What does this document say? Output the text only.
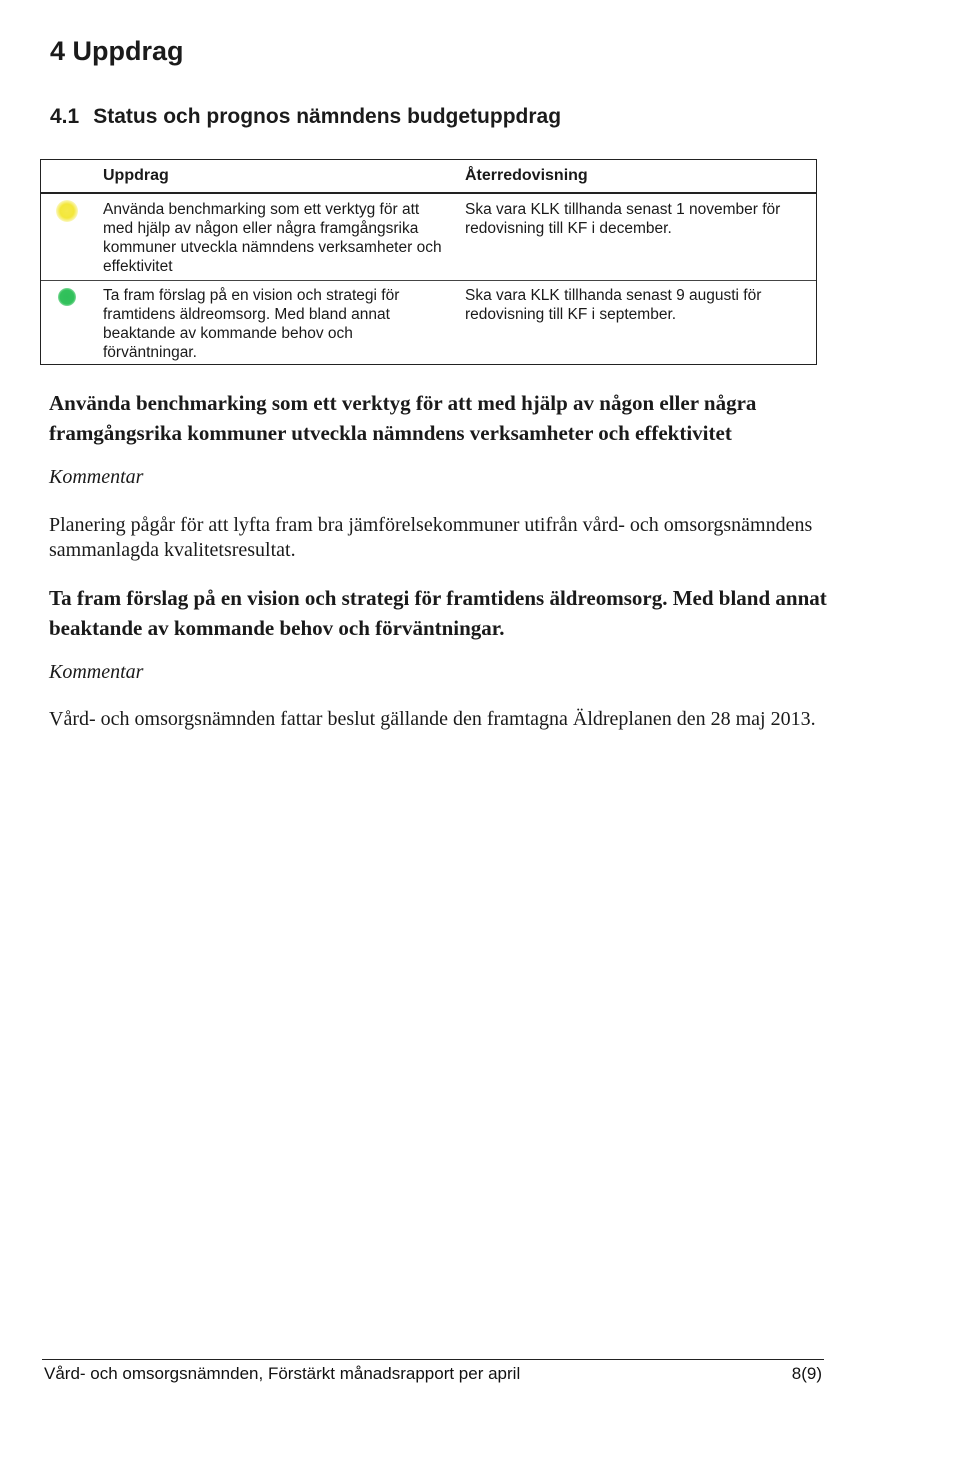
4 Uppdrag
4.1 Status och prognos nämndens budgetuppdrag
Uppdrag	Återredovisning
Använda benchmarking som ett verktyg för att med hjälp av någon eller några framgångsrika kommuner utveckla nämndens verksamheter och effektivitet
Ska vara KLK tillhanda senast 1 november för redovisning till KF i december.
Ta fram förslag på en vision och strategi för framtidens äldreomsorg. Med bland annat beaktande av kommande behov och förväntningar.
Ska vara KLK tillhanda senast 9 augusti för redovisning till KF i september.
Använda benchmarking som ett verktyg för att med hjälp av någon eller några framgångsrika kommuner utveckla nämndens verksamheter och effektivitet

Kommentar

Planering pågår för att lyfta fram bra jämförelsekommuner utifrån vård- och omsorgsnämndens sammanlagda kvalitetsresultat.

Ta fram förslag på en vision och strategi för framtidens äldreomsorg. Med bland annat beaktande av kommande behov och förväntningar.

Kommentar

Vård- och omsorgsnämnden fattar beslut gällande den framtagna Äldreplanen den 28 maj 2013.

Vård- och omsorgsnämnden, Förstärkt månadsrapport per april	8(9)
